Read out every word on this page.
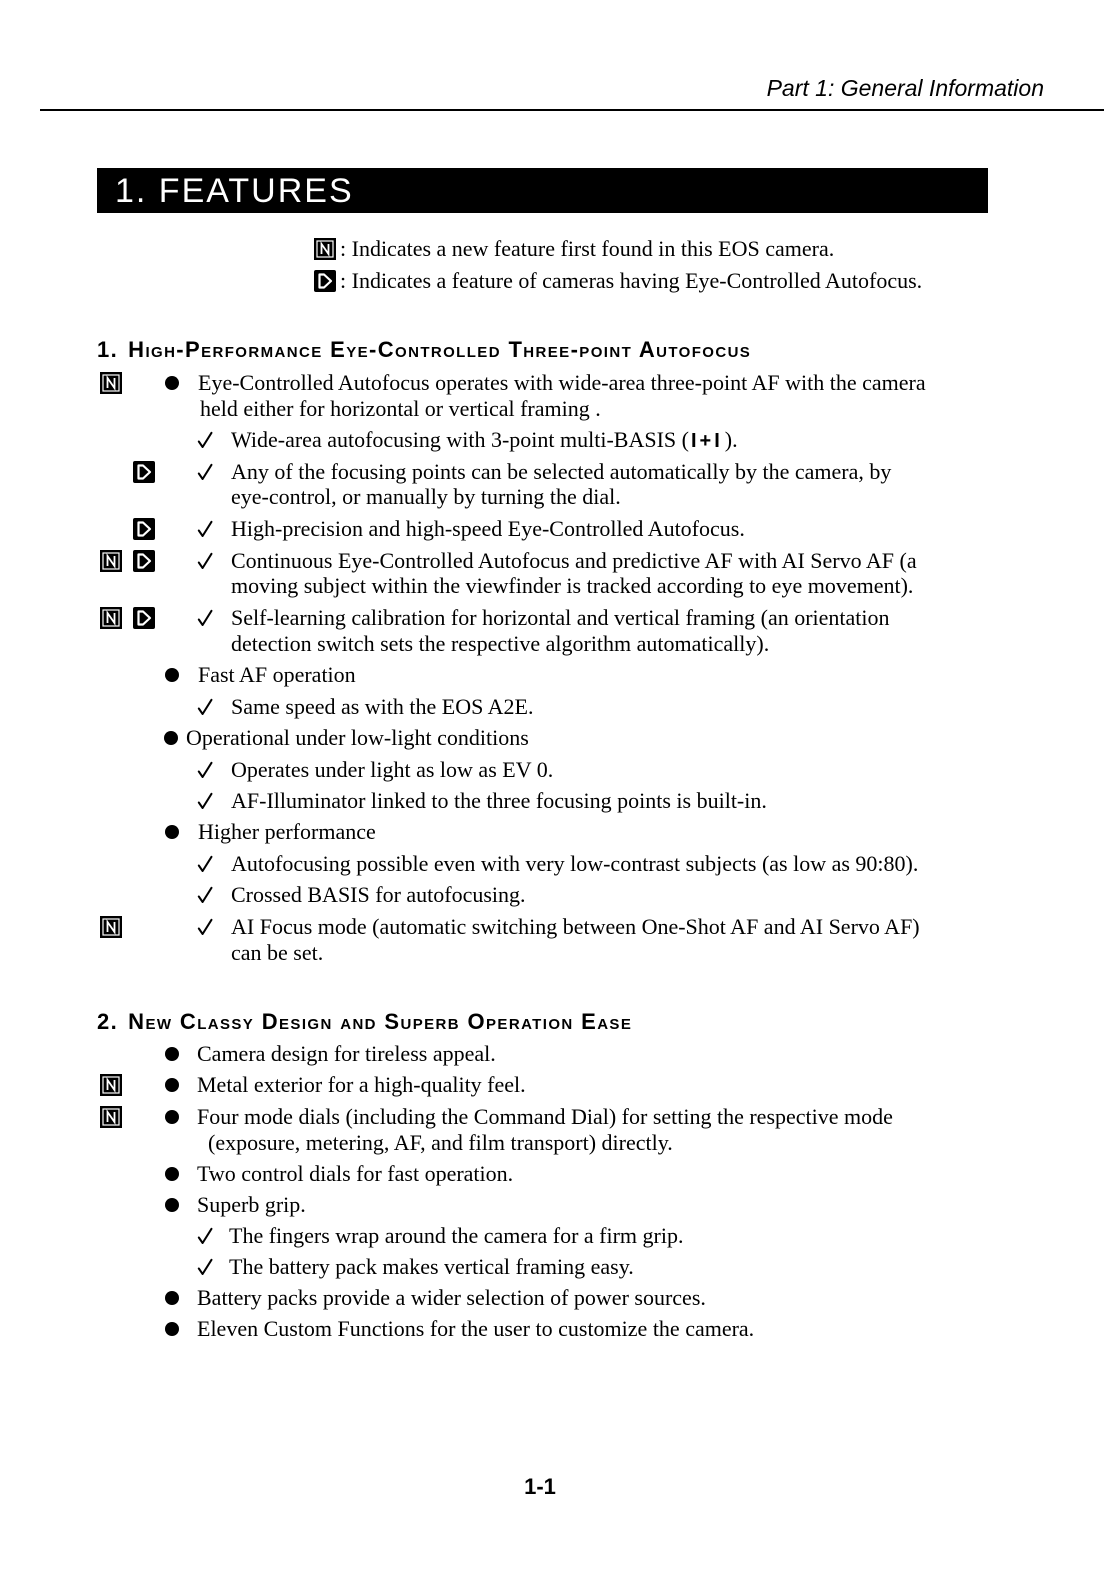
Part 1: General Information
1. FEATURES
: Indicates a new feature first found in this EOS camera.
: Indicates a feature of cameras having Eye-Controlled Autofocus.
1. High-Performance Eye-Controlled Three-point Autofocus
Eye-Controlled Autofocus operates with wide-area three-point AF with the camera
held either for horizontal or vertical framing .
Wide-area autofocusing with 3-point multi-BASIS ( I+I).
Any of the focusing points can be selected automatically by the camera, by
eye-control, or manually by turning the dial.
High-precision and high-speed Eye-Controlled Autofocus.
Continuous Eye-Controlled Autofocus and predictive AF with AI Servo AF (a
moving subject within the viewfinder is tracked according to eye movement).
Self-learning calibration for horizontal and vertical framing (an orientation
detection switch sets the respective algorithm automatically).
Fast AF operation
Same speed as with the EOS A2E.
Operational under low-light conditions
Operates under light as low as EV 0.
AF-Illuminator linked to the three focusing points is built-in.
Higher performance
Autofocusing possible even with very low-contrast subjects (as low as 90:80).
Crossed BASIS for autofocusing.
AI Focus mode (automatic switching between One-Shot AF and AI Servo AF)
can be set.
2. New Classy Design and Superb Operation Ease
Camera design for tireless appeal.
Metal exterior for a high-quality feel.
Four mode dials (including the Command Dial) for setting the respective mode
(exposure, metering, AF, and film transport) directly.
Two control dials for fast operation.
Superb grip.
The fingers wrap around the camera for a firm grip.
The battery pack makes vertical framing easy.
Battery packs provide a wider selection of power sources.
Eleven Custom Functions for the user to customize the camera.
1-1
